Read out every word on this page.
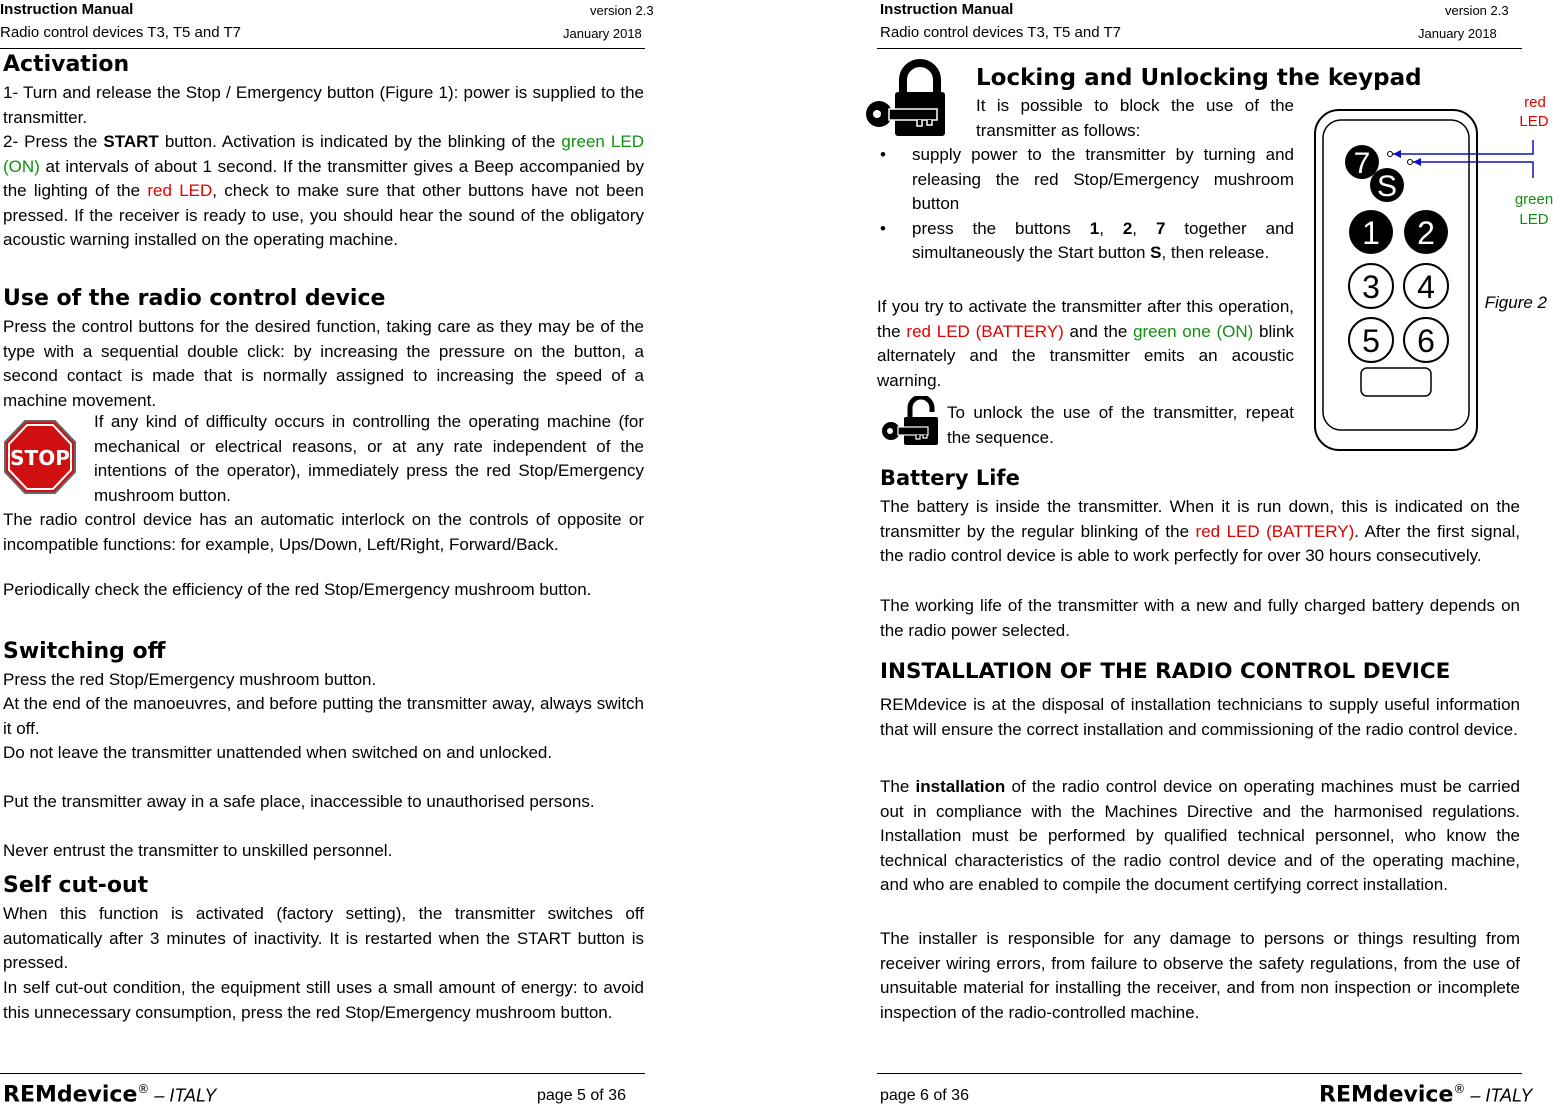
Instruction Manual	version 2.3
Radio control devices T3, T5 and T7	January 2018
Activation

1- Turn and release the Stop / Emergency button (Figure 1): power is supplied to the transmitter.

2- Press the START button. Activation is indicated by the blinking of the green LED (ON) at intervals of about 1 second. If the transmitter gives a Beep accompanied by the lighting of the red LED, check to make sure that other buttons have not been pressed. If the receiver is ready to use, you should hear the sound of the obligatory acoustic warning installed on the operating machine.

Use of the radio control device

Press the control buttons for the desired function, taking care as they may be of the type with a sequential double click: by increasing the pressure on the button, a second contact is made that is normally assigned to increasing the speed of a machine movement.

STOP

If any kind of difficulty occurs in controlling the operating machine (for mechanical or electrical reasons, or at any rate independent of the intentions of the operator), immediately press the red Stop/Emergency mushroom button.

The radio control device has an automatic interlock on the controls of opposite or incompatible functions: for example, Ups/Down, Left/Right, Forward/Back.

Periodically check the efficiency of the red Stop/Emergency mushroom button.

Switching off

Press the red Stop/Emergency mushroom button.

At the end of the manoeuvres, and before putting the transmitter away, always switch it off.

Do not leave the transmitter unattended when switched on and unlocked.

Put the transmitter away in a safe place, inaccessible to unauthorised persons.

Never entrust the transmitter to unskilled personnel.

Self cut-out

When this function is activated (factory setting), the transmitter switches off automatically after 3 minutes of inactivity. It is restarted when the START button is pressed.

In self cut-out condition, the equipment still uses a small amount of energy: to avoid this unnecessary consumption, press the red Stop/Emergency mushroom button.

REMdevice® – ITALY	page 5 of 36
Instruction Manual	version 2.3
Radio control devices T3, T5 and T7	January 2018
Locking and Unlocking the keypad

It is possible to block the use of the transmitter as follows:

• supply power to the transmitter by turning and releasing the red Stop/Emergency mushroom button
• press the buttons 1, 2, 7 together and simultaneously the Start button S, then release.

If you try to activate the transmitter after this operation, the red LED (BATTERY) and the green one (ON) blink alternately and the transmitter emits an acoustic warning.

To unlock the use of the transmitter, repeat the sequence.

7
S
1 2
3 4
5 6
red
LED
green
LED
Figure 2
Battery Life

The battery is inside the transmitter. When it is run down, this is indicated on the transmitter by the regular blinking of the red LED (BATTERY). After the first signal, the radio control device is able to work perfectly for over 30 hours consecutively.

The working life of the transmitter with a new and fully charged battery depends on the radio power selected.

INSTALLATION OF THE RADIO CONTROL DEVICE

REMdevice is at the disposal of installation technicians to supply useful information that will ensure the correct installation and commissioning of the radio control device.

The installation of the radio control device on operating machines must be carried out in compliance with the Machines Directive and the harmonised regulations. Installation must be performed by qualified technical personnel, who know the technical characteristics of the radio control device and of the operating machine, and who are enabled to compile the document certifying correct installation.

The installer is responsible for any damage to persons or things resulting from receiver wiring errors, from failure to observe the safety regulations, from the use of unsuitable material for installing the receiver, and from non inspection or incomplete inspection of the radio-controlled machine.

page 6 of 36	REMdevice® – ITALY
